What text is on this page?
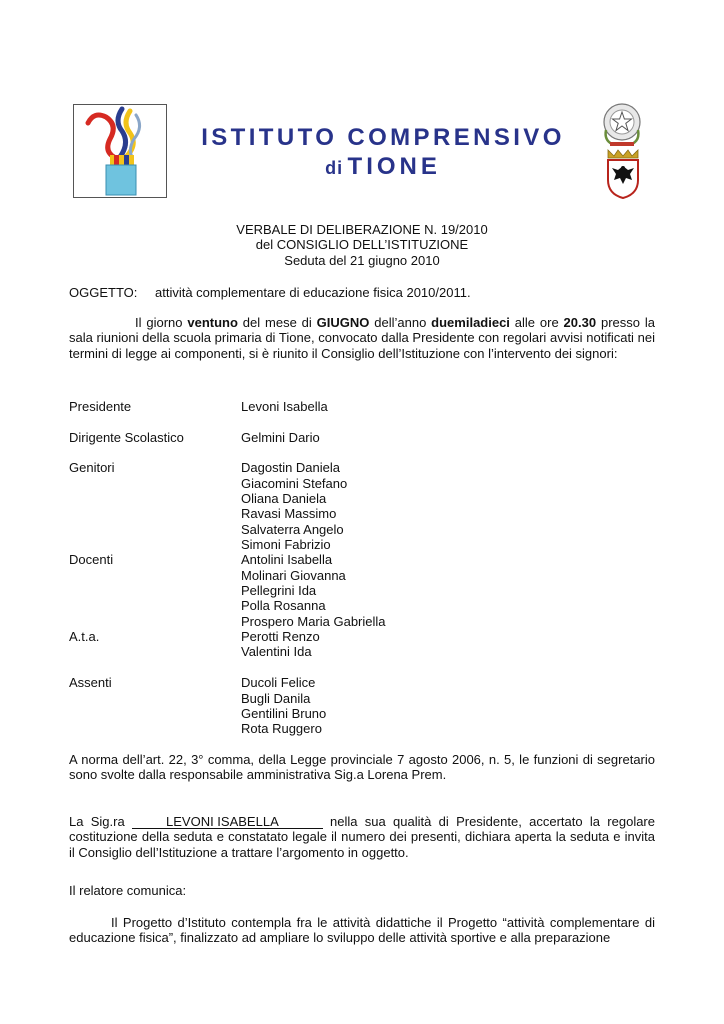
ISTITUTO COMPRENSIVO
di TIONE
VERBALE DI DELIBERAZIONE N. 19/2010
del CONSIGLIO DELL’ISTITUZIONE
Seduta del 21 giugno 2010
OGGETTO: attività complementare di educazione fisica 2010/2011.
Il giorno ventuno del mese di GIUGNO dell’anno duemiladieci alle ore 20.30 presso la sala riunioni della scuola primaria di Tione, convocato dalla Presidente con regolari avvisi notificati nei termini di legge ai componenti, si è riunito il Consiglio dell’Istituzione con l’intervento dei signori:
Presidente	Levoni Isabella
Dirigente Scolastico	Gelmini Dario
Genitori	Dagostin Daniela
Giacomini Stefano
Oliana Daniela
Ravasi Massimo
Salvaterra Angelo
Simoni Fabrizio
Docenti	Antolini Isabella
Molinari Giovanna
Pellegrini Ida
Polla Rosanna
Prospero Maria Gabriella
A.t.a.	Perotti Renzo
Valentini Ida
Assenti	Ducoli Felice
Bugli Danila
Gentilini Bruno
Rota Ruggero
A norma dell’art. 22, 3° comma, della Legge provinciale 7 agosto 2006, n. 5, le funzioni di segretario sono svolte dalla responsabile amministrativa Sig.a Lorena Prem.
La Sig.ra	LEVONI ISABELLA	nella sua qualità di Presidente, accertato la regolare costituzione della seduta e constatato legale il numero dei presenti, dichiara aperta la seduta e invita il Consiglio dell’Istituzione a trattare l’argomento in oggetto.
Il relatore comunica:
Il Progetto d’Istituto contempla fra le attività didattiche il Progetto “attività complementare di educazione fisica”, finalizzato ad ampliare lo sviluppo delle attività sportive e alla preparazione
